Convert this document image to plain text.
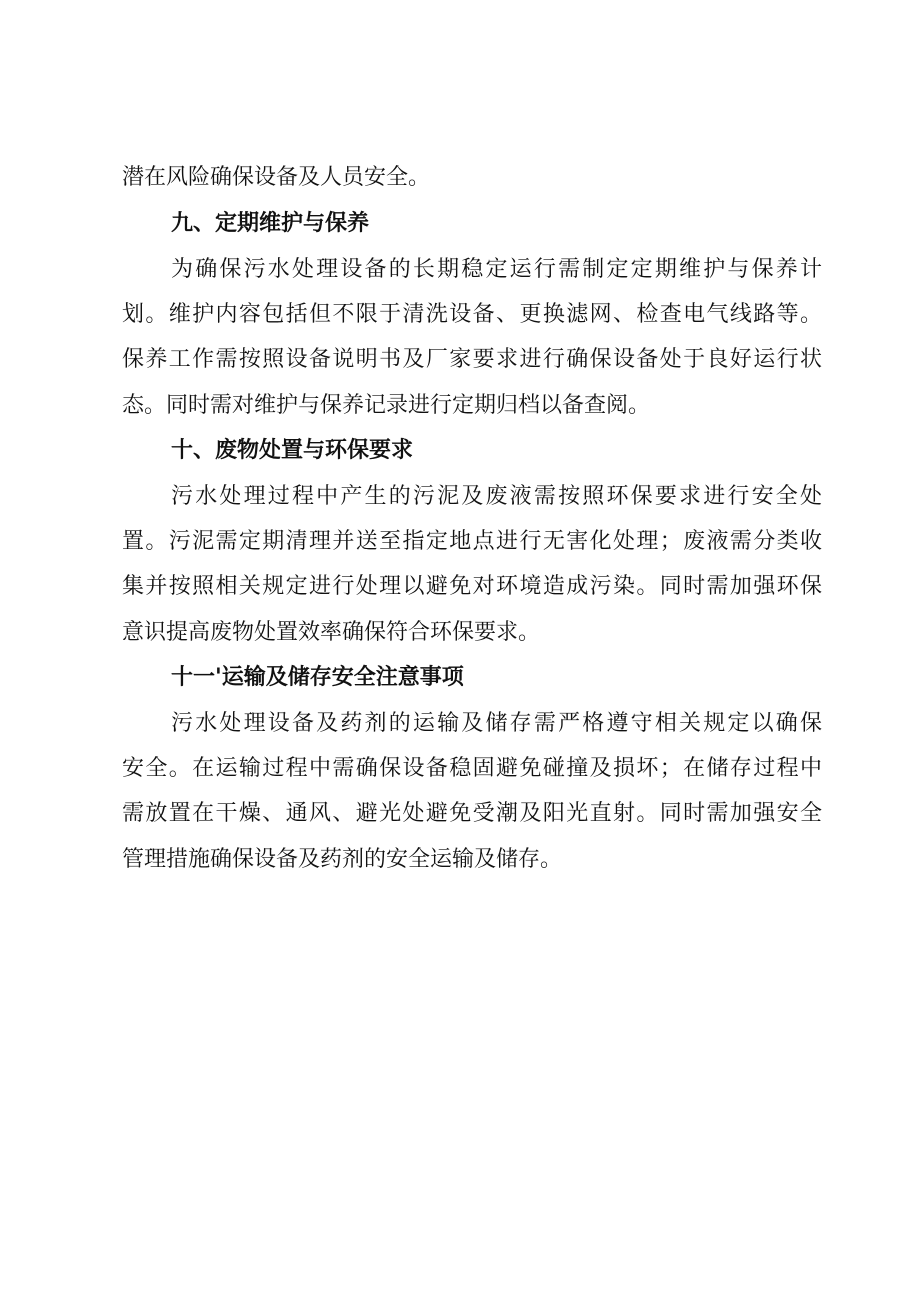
潜在风险确保设备及人员安全。
九、定期维护与保养
为确保污水处理设备的长期稳定运行需制定定期维护与保养计
划。维护内容包括但不限于清洗设备、更换滤网、检查电气线路等。
保养工作需按照设备说明书及厂家要求进行确保设备处于良好运行状
态。同时需对维护与保养记录进行定期归档以备查阅。
十、废物处置与环保要求
污水处理过程中产生的污泥及废液需按照环保要求进行安全处
置。污泥需定期清理并送至指定地点进行无害化处理；废液需分类收
集并按照相关规定进行处理以避免对环境造成污染。同时需加强环保
意识提高废物处置效率确保符合环保要求。
十一'运输及储存安全注意事项
污水处理设备及药剂的运输及储存需严格遵守相关规定以确保
安全。在运输过程中需确保设备稳固避免碰撞及损坏；在储存过程中
需放置在干燥、通风、避光处避免受潮及阳光直射。同时需加强安全
管理措施确保设备及药剂的安全运输及储存。
